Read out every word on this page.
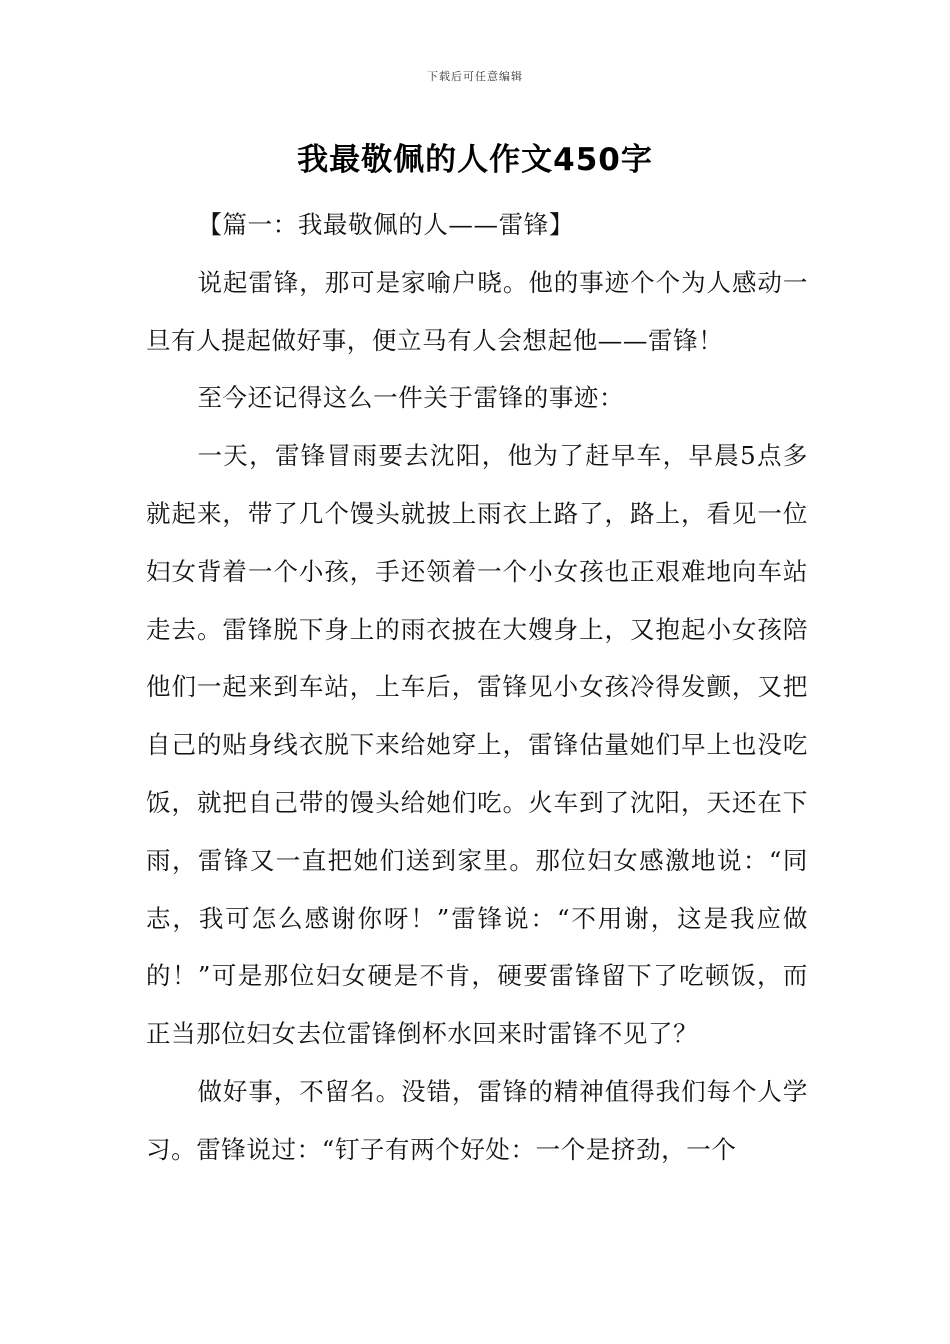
下载后可任意编辑
我最敬佩的人作文450字

【篇一：我最敬佩的人——雷锋】

说起雷锋，那可是家喻户晓。他的事迹个个为人感动一旦有人提起做好事，便立马有人会想起他——雷锋！

至今还记得这么一件关于雷锋的事迹：

一天，雷锋冒雨要去沈阳，他为了赶早车，早晨5点多就起来，带了几个馒头就披上雨衣上路了，路上，看见一位妇女背着一个小孩，手还领着一个小女孩也正艰难地向车站走去。雷锋脱下身上的雨衣披在大嫂身上，又抱起小女孩陪他们一起来到车站，上车后，雷锋见小女孩冷得发颤，又把自己的贴身线衣脱下来给她穿上，雷锋估量她们早上也没吃饭，就把自己带的馒头给她们吃。火车到了沈阳，天还在下雨，雷锋又一直把她们送到家里。那位妇女感激地说：“同志，我可怎么感谢你呀！”雷锋说：“不用谢，这是我应做的！”可是那位妇女硬是不肯，硬要雷锋留下了吃顿饭，而正当那位妇女去位雷锋倒杯水回来时雷锋不见了？

做好事，不留名。没错，雷锋的精神值得我们每个人学习。雷锋说过：“钉子有两个好处：一个是挤劲，一个
